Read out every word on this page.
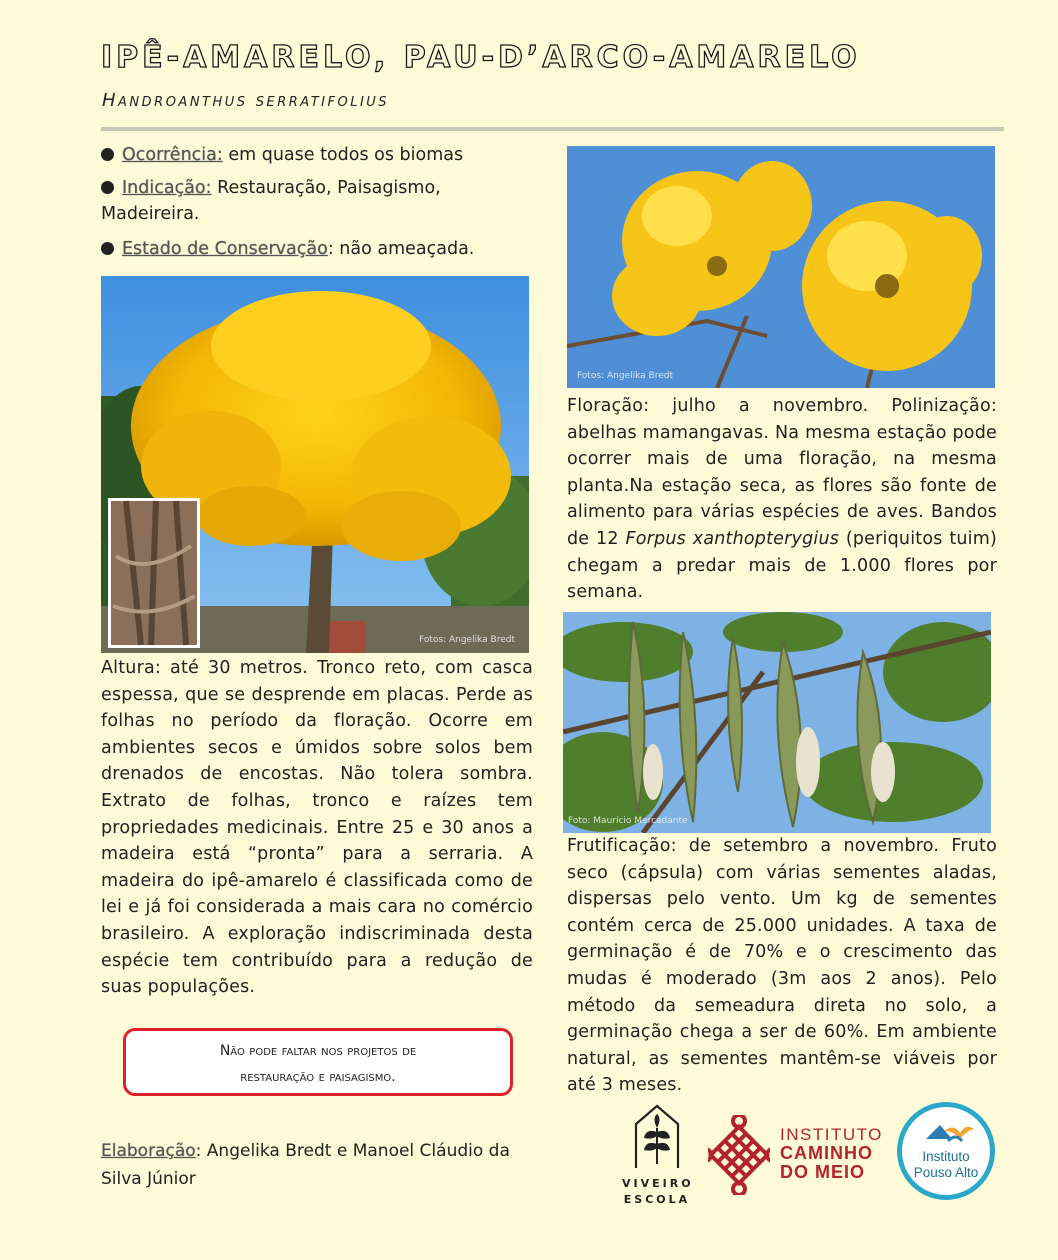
IPÊ-AMARELO, PAU-D’ARCO-AMARELO
Handroanthus serratifolius
Ocorrência: em quase todos os biomas
Indicação: Restauração, Paisagismo, Madeireira.
Estado de Conservação: não ameaçada.
Fotos: Angelika Bredt
Fotos: Angelika Bredt
Floração: julho a novembro. Polinização: abelhas mamangavas. Na mesma estação pode ocorrer mais de uma floração, na mesma planta.Na estação seca, as flores são fonte de alimento para várias espécies de aves. Bandos de 12 Forpus xanthopterygius (periquitos tuim) chegam a predar mais de 1.000 flores por semana.
Foto: Maurício Mercadante
Altura: até 30 metros. Tronco reto, com casca espessa, que se desprende em placas. Perde as folhas no período da floração. Ocorre em ambientes secos e úmidos sobre solos bem drenados de encostas. Não tolera sombra. Extrato de folhas, tronco e raízes tem propriedades medicinais. Entre 25 e 30 anos a madeira está “pronta” para a serraria. A madeira do ipê-amarelo é classificada como de lei e já foi considerada a mais cara no comércio brasileiro. A exploração indiscriminada desta espécie tem contribuído para a redução de suas populações.
Frutificação: de setembro a novembro. Fruto seco (cápsula) com várias sementes aladas, dispersas pelo vento. Um kg de sementes contém cerca de 25.000 unidades. A taxa de germinação é de 70% e o crescimento das mudas é moderado (3m aos 2 anos). Pelo método da semeadura direta no solo, a germinação chega a ser de 60%. Em ambiente natural, as sementes mantêm-se viáveis por até 3 meses.
Não pode faltar nos projetos de
restauração e paisagismo.
Elaboração: Angelika Bredt e Manoel Cláudio da Silva Júnior	VIVEIRO
ESCOLA
INSTITUTO
CAMINHO
DO MEIO
Instituto
Pouso Alto
